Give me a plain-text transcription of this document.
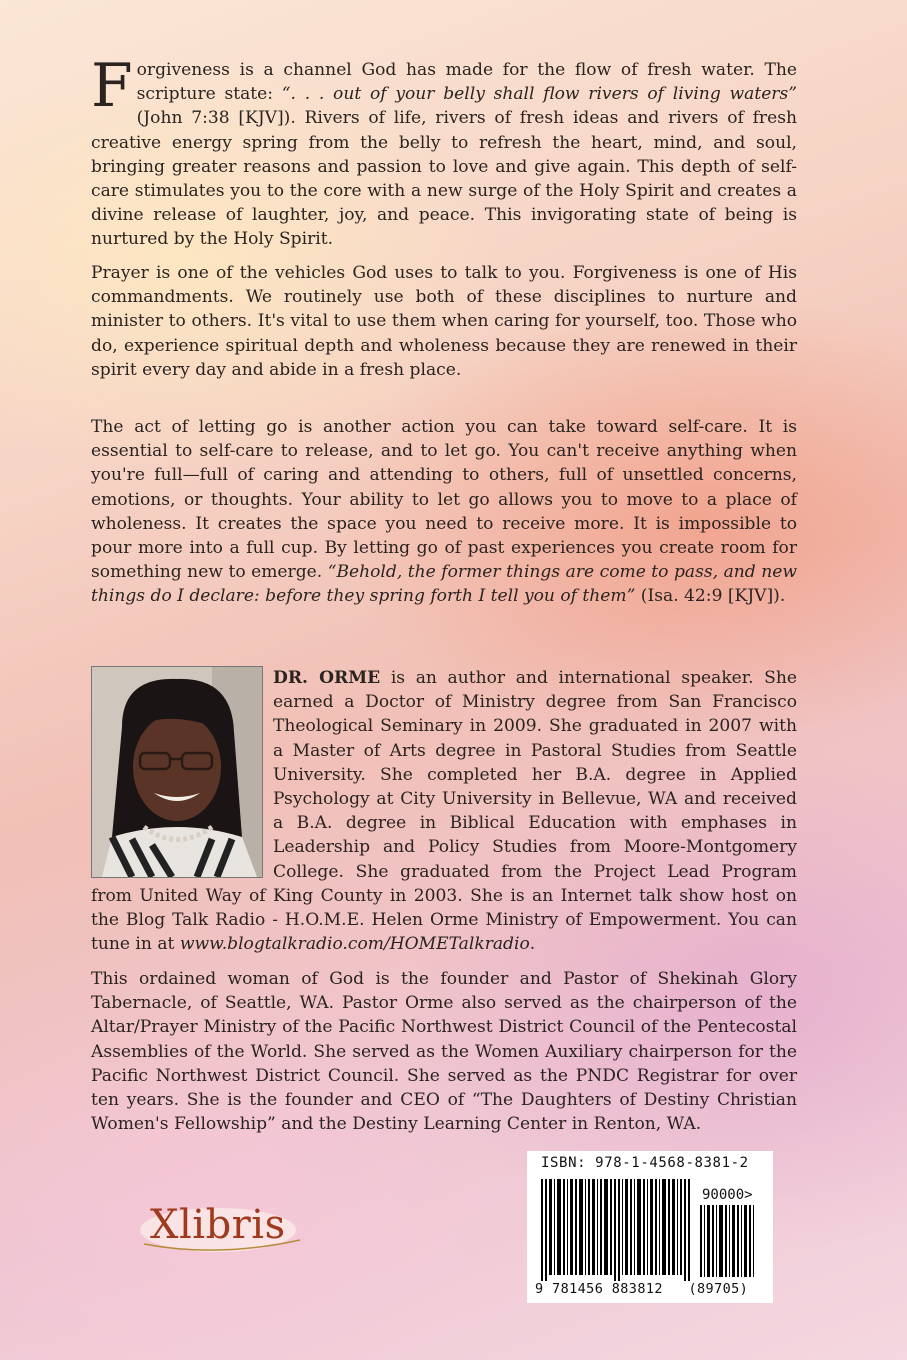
Forgiveness is a channel God has made for the flow of fresh water. The scripture state: “. . . out of your belly shall flow rivers of living waters” (John 7:38 [KJV]). Rivers of life, rivers of fresh ideas and rivers of fresh creative energy spring from the belly to refresh the heart, mind, and soul, bringing greater reasons and passion to love and give again. This depth of self-care stimulates you to the core with a new surge of the Holy Spirit and creates a divine release of laughter, joy, and peace. This invigorating state of being is nurtured by the Holy Spirit.

Prayer is one of the vehicles God uses to talk to you. Forgiveness is one of His commandments. We routinely use both of these disciplines to nurture and minister to others. It's vital to use them when caring for yourself, too. Those who do, experience spiritual depth and wholeness because they are renewed in their spirit every day and abide in a fresh place.

The act of letting go is another action you can take toward self-care. It is essential to self-care to release, and to let go. You can't receive anything when you're full—full of caring and attending to others, full of unsettled concerns, emotions, or thoughts. Your ability to let go allows you to move to a place of wholeness. It creates the space you need to receive more. It is impossible to pour more into a full cup. By letting go of past experiences you create room for something new to emerge. “Behold, the former things are come to pass, and new things do I declare: before they spring forth I tell you of them” (Isa. 42:9 [KJV]).

DR. ORME is an author and international speaker. She earned a Doctor of Ministry degree from San Francisco Theological Seminary in 2009. She graduated in 2007 with a Master of Arts degree in Pastoral Studies from Seattle University. She completed her B.A. degree in Applied Psychology at City University in Bellevue, WA and received a B.A. degree in Biblical Education with emphases in Leadership and Policy Studies from Moore-Montgomery College. She graduated from the Project Lead Program from United Way of King County in 2003. She is an Internet talk show host on the Blog Talk Radio - H.O.M.E. Helen Orme Ministry of Empowerment. You can tune in at www.blogtalkradio.com/HOMETalkradio.

This ordained woman of God is the founder and Pastor of Shekinah Glory Tabernacle, of Seattle, WA. Pastor Orme also served as the chairperson of the Altar/Prayer Ministry of the Pacific Northwest District Council of the Pentecostal Assemblies of the World. She served as the Women Auxiliary chairperson for the Pacific Northwest District Council. She served as the PNDC Registrar for over ten years. She is the founder and CEO of “The Daughters of Destiny Christian Women's Fellowship” and the Destiny Learning Center in Renton, WA.

Xlibris
ISBN: 978-1-4568-8381-2
90000>
9 781456 883812   (89705)
